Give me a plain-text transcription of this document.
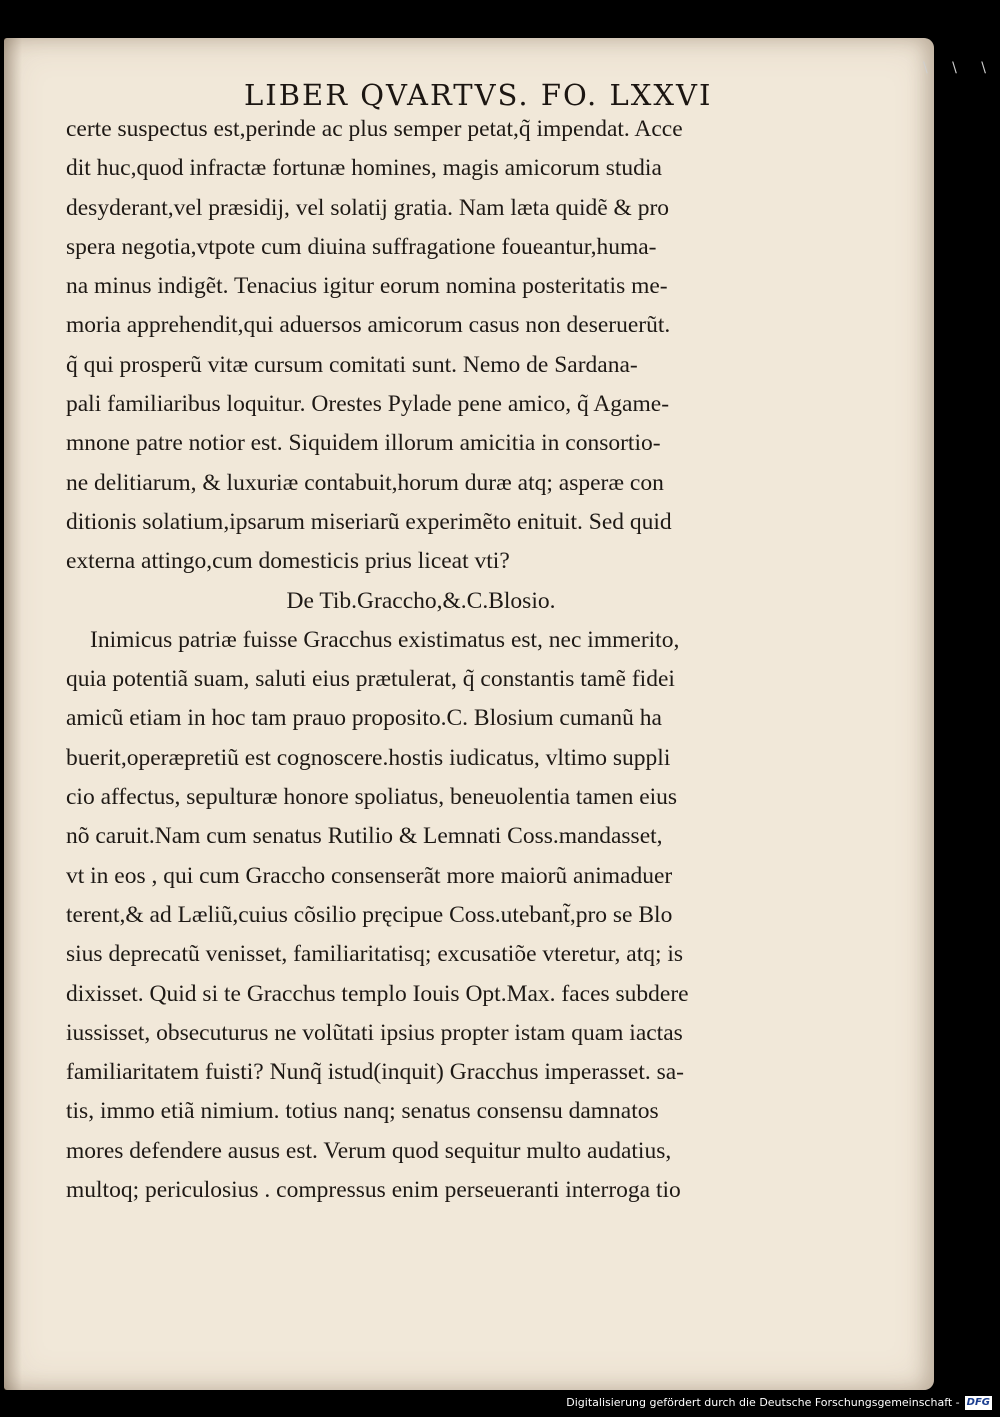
LIBER QVARTVS. FO. LXXVI
certe suspectus est,perinde ac plus semper petat,q̃ impendat. Acce
dit huc,quod infractæ fortunæ homines, magis amicorum studia
desyderant,vel præsidij, vel solatij gratia. Nam læta quidẽ & pro
spera negotia,vtpote cum diuina suffragatione foueantur,huma-
na minus indigẽt. Tenacius igitur eorum nomina posteritatis me-
moria apprehendit,qui aduersos amicorum casus non deseruerũt.
q̃ qui prosperũ vitæ cursum comitati sunt. Nemo de Sardana-
pali familiaribus loquitur. Orestes Pylade pene amico, q̃ Agame-
mnone patre notior est. Siquidem illorum amicitia in consortio-
ne delitiarum, & luxuriæ contabuit,horum duræ atq; asperæ con
ditionis solatium,ipsarum miseriarũ experimẽto enituit. Sed quid
externa attingo,cum domesticis prius liceat vti?
De Tib.Graccho,&.C.Blosio.
Inimicus patriæ fuisse Gracchus existimatus est, nec immerito,
quia potentiã suam, saluti eius prætulerat, q̃ constantis tamẽ fidei
amicũ etiam in hoc tam prauo proposito.C. Blosium cumanũ ha
buerit,operæpretiũ est cognoscere.hostis iudicatus, vltimo suppli
cio affectus, sepulturæ honore spoliatus, beneuolentia tamen eius
nõ caruit.Nam cum senatus Rutilio & Lemnati Coss.mandasset,
vt in eos , qui cum Graccho consenserãt more maiorũ animaduer
terent,& ad Læliũ,cuius cõsilio pręcipue Coss.utebant̃,pro se Blo
sius deprecatũ venisset, familiaritatisq; excusatiõe vteretur, atq; is
dixisset. Quid si te Gracchus templo Iouis Opt.Max. faces subdere
iussisset, obsecuturus ne volũtati ipsius propter istam quam iactas
familiaritatem fuisti? Nunq̃ istud(inquit) Gracchus imperasset. sa-
tis, immo etiã nimium. totius nanq; senatus consensu damnatos
mores defendere ausus est. Verum quod sequitur multo audatius,
multoq; periculosius . compressus enim perseueranti interroga tio
\ \ \
Digitalisierung gefördert durch die Deutsche Forschungsgemeinschaft - DFG
